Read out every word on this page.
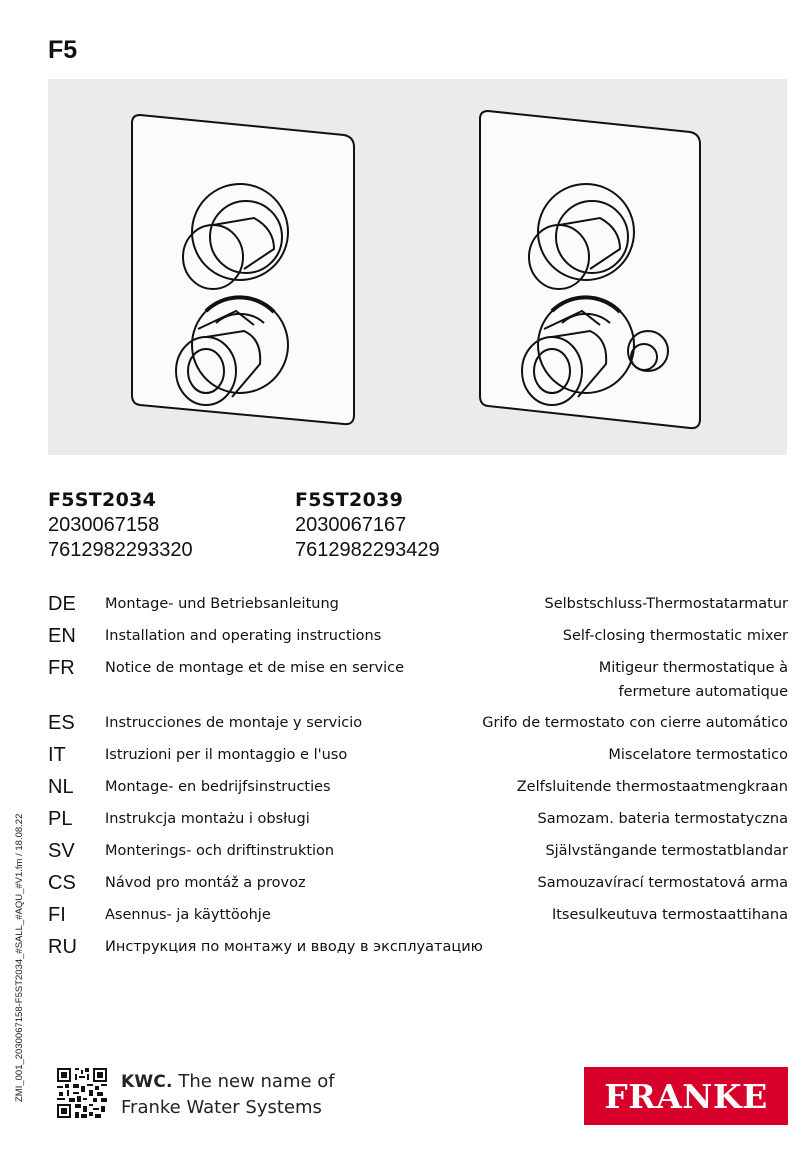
F5
F5ST2034
2030067158
7612982293320
F5ST2039
2030067167
7612982293429
DE	Montage- und Betriebsanleitung	Selbstschluss-Thermostatarmatur
EN	Installation and operating instructions	Self-closing thermostatic mixer
FR	Notice de montage et de mise en service	Mitigeur thermostatique à fermeture automatique
ES	Instrucciones de montaje y servicio	Grifo de termostato con cierre automático
IT	Istruzioni per il montaggio e l'uso	Miscelatore termostatico
NL	Montage- en bedrijfsinstructies	Zelfsluitende thermostaatmengkraan
PL	Instrukcja montażu i obsługi	Samozam. bateria termostatyczna
SV	Monterings- och driftinstruktion	Självstängande termostatblandar
CS	Návod pro montáž a provoz	Samouzavírací termostatová arma
FI	Asennus- ja käyttöohje	Itsesulkeutuva termostaattihana
RU	Инструкция по монтажу и вводу в эксплуатацию
ZMI_001_2030067158-F5ST2034_#SALL_#AQU_#V1.fm / 18.08.22	KWC. The new name of
Franke Water Systems	FRANKE
